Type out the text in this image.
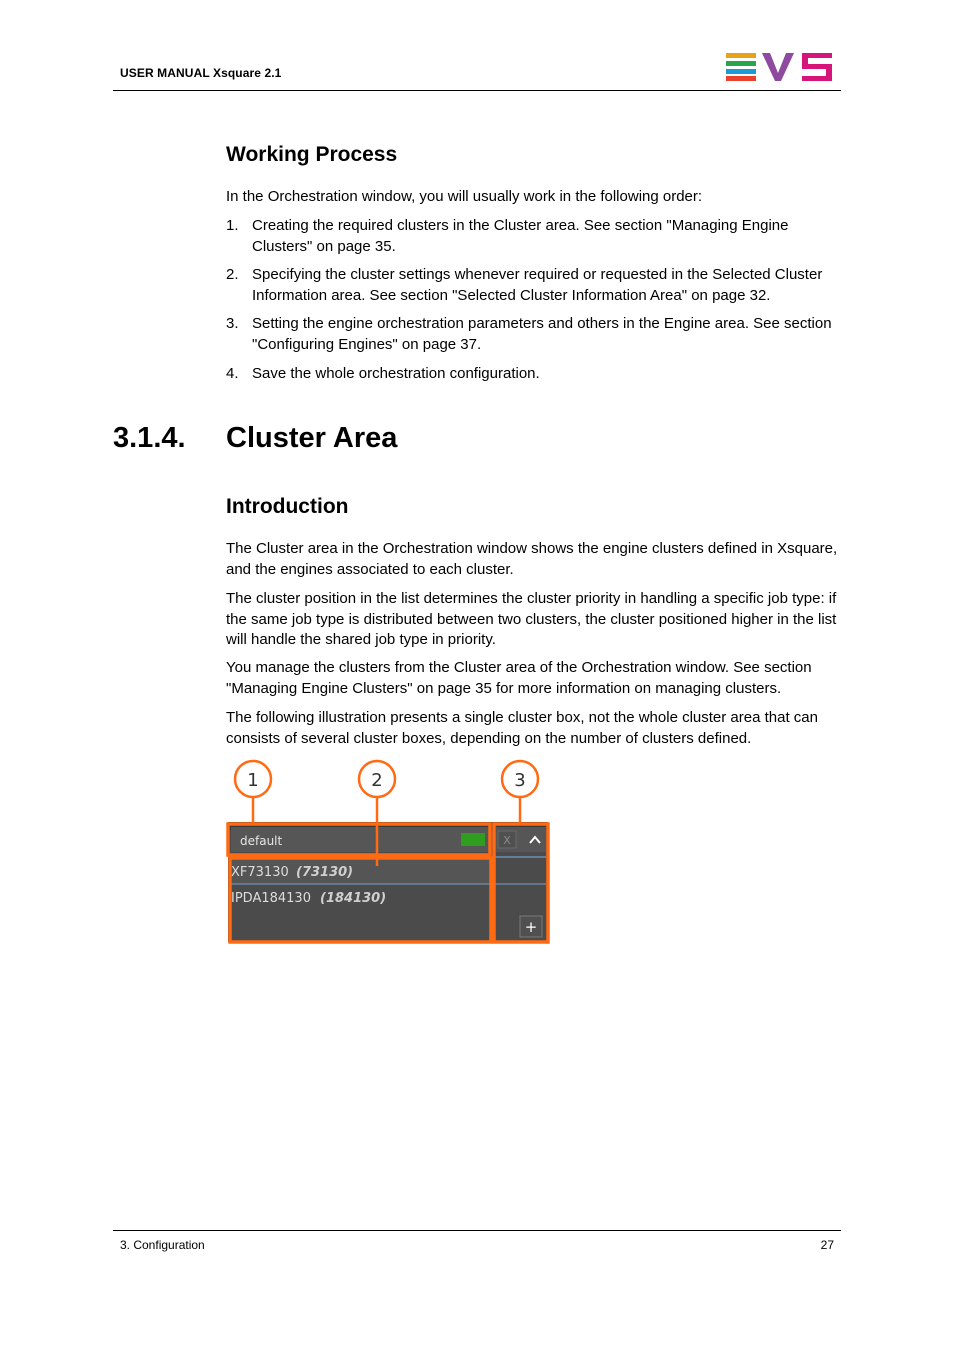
USER MANUAL Xsquare 2.1
Working Process
In the Orchestration window, you will usually work in the following order:
1. Creating the required clusters in the Cluster area. See section "Managing Engine Clusters" on page 35.
2. Specifying the cluster settings whenever required or requested in the Selected Cluster Information area. See section "Selected Cluster Information Area" on page 32.
3. Setting the engine orchestration parameters and others in the Engine area. See section "Configuring Engines" on page 37.
4. Save the whole orchestration configuration.
3.1.4. Cluster Area
Introduction
The Cluster area in the Orchestration window shows the engine clusters defined in Xsquare, and the engines associated to each cluster.
The cluster position in the list determines the cluster priority in handling a specific job type: if the same job type is distributed between two clusters, the cluster positioned higher in the list will handle the shared job type in priority.
You manage the clusters from the Cluster area of the Orchestration window. See section "Managing Engine Clusters" on page 35 for more information on managing clusters.
The following illustration presents a single cluster box, not the whole cluster area that can consists of several cluster boxes, depending on the number of clusters defined.
default	X
XF73130 (73130)
IPDA184130 (184130)
+
1	2	3
3. Configuration	27
